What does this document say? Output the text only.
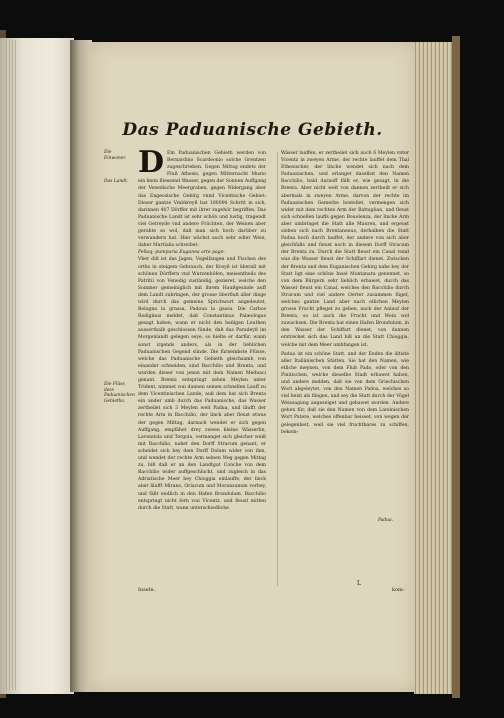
Das Paduanische Gebieth.
Die Einwoner.
Das Landt.
Die Flüss dess Paduanischen Gebieths.
Padua.
D Em Paduanischen Gebieth werden von Bernardino Scardeonio solche Grentzen zugeschrieben. Gegen Mittag endets der Fluß Athesis, gegen Mitternacht Musto ein klein fliessend Wasser, gegen der Sonnen Auffgang der Venedische Meergraben, gegen Nidergang aber das Engeosische Gebirg vnnd Vicentische Gebiet: Dieser gantze Vmbkreyß hat 180000 Schritt in sich, darinnen 407 Dörffer mit ihrer zugehör begriffen. Das Paduanische Landt ist sehr schön und lustig, tragendt viel Getreyde vnd andere Früchten, der Weinen aber gerahte so wol, daß man sich hoch darüber zu verwundern hat. Hier wächst auch sehr edler Wein, daher Martialis schreibet:

Pellaq; pumpuria Euganea arte pago.

Vber diß ist das Jagen, Vogelfangen und Fischen des orths in steigem Gebrauch, der Kreyß ist überall mit schönen Dörffern vnd Wurzenhöfen, meisentheils des Patritii von Venedig zuständig, gezieret, welche den Sommer gemeiniglich mit ihrem Haußgesinde auff dem Landt zubringen, der grosse überfluß aller dinge wird durch das gemeine Sprichwort angedeutet, Bologna la grassa, Padoua la gassa. Die Carbos Rodiginus meldet, daß Constantinus Palæologus gesagt haben, wann er nicht den heiligen Leuthen ausserthalb geschlossen fünde, daß das Paradeyß im Morgenlandt gelegen seye, so hielte er darfür, wann sonst irgends anders, als in der lieblichen Paduanischen Gegend sünde. Die fürnembste Flüsse, welche das Paduanische Gebieth gleichsamb von einander schneiden, sind Bacchilio und Brenta, und wurden dieser von jenen mit dem Namen Meduaci genant. Brenta entspringt zehen Meylen unter Trident, nimmet von dannen seinen schnellen Lauff zu dem Vicentinischen Lande, auß dem hat sich Brenta ein ander umb durch das Paduanische, das Wasser zertheilet sich 3 Meylen weit Padua, und läufft der rechte Arm in Bacchilio, der linck aber fleust etwas der gegen Mittag, darnach wendet er sich gegen Auffgang, empfähet drey zween kleine Wässerlin, Lavendola und Tergola, vermenget sich gleicher weiß mit Bacchilio, nahet den Dorff Stracum genant, er scheidet sich bey dem Dorff Dolum wider von ihm, und wendet der rechte Arm seinen Weg gegen Mittag zu, biß daß er an den Landtgut Conche von dem Bacchilio wider auffgeschluckt, und zugleich in das Adriatische Meer bey Chioggia einlauffe, der linck aber läufft Mirano, Oriacum und Moranzanum vorbey, und fällt endlich in den Hafen Brondulum. Bacchilio entspringt nicht fern von Vicentz, und fleust mitten durch die Statt, wann unterschiedliche

Wässer lauffen, er zertheilet sich auch 6 Meylen vnter Vicentz in zweyen Arme, der rechte lauffet dem Thal Ethesischer, der lincke wendet sich nach dem Paduanischen, und erlanget daselbst den Namen Bacchilio, bald darauff fällt er, wie gesagt, in die Brenta. Aber nicht weit von dannen zertheilt er sich abermals in zweyen Arme, darvon der rechte im Paduanischen Gemerke bestellet, vermengen sich wider mit dem rechten Arm der Battaglian, und fleust sich schnellen lauffs gegen Bouolenza, der lincke Arm aber umbringet die Statt alle Mauren, und ergeust sieben sich nach Brentaneuus, derhalben die Statt Padua hoch durch lauffet, der andere von sich aber gleichfalls und fleust noch in diesem Dorff Stracum der Brenta zu. Durch die Statt fleust ein Canal vnnd was die Wasser fleust der Schiffart dienet. Zwischen der Brenta und dem Euganischen Gebirg nahe bey der Statt ligt eine schöne Insel Montanara genennet, so von dem Bürgern sehr lieblich erbawet, durch das Wasser fleust ein Canal, welches den Bacchilio durch Stracum und viel andere Oerter zusammen füget, welches gantze Land aber nach etlichen Meylen grosse Frucht pfleget zu geben, auch der Anlauf der Brenta, so ist auch die Frucht und Wein wol zuwachsen. Die Brenta hat einen Hafen Brondulum, in den Wasser der Schiffart dienet, von dannen erstrecket sich das Land biß an die Statt Chioggia, welche mit dem Meer umbfangen ist.

Padua ist ein schöne Statt, und der Enden die ältiste aller Italiänischen Stätten. Sie hat den Namen, wie etliche meynen, von dem Fluß Pado, oder von den Pinitischen, welche dieselbe Stadt erbawet haben, und andere melden, daß sie von dem Griechischen Wort abgeleytet, von den Namen Padoa, welches so viel heist als fliegen, und sey die Statt durch der Vögel Weissagung angezeiget und gebawet worden. Andere geben für, daß sie den Namen von dem Lateinischen Wort Patere, welches offenbar heisset, von wegen der gelegenheit, weil sie viel fruchtbares zu schiffen, bekom-

Inseln.
L
kom-
